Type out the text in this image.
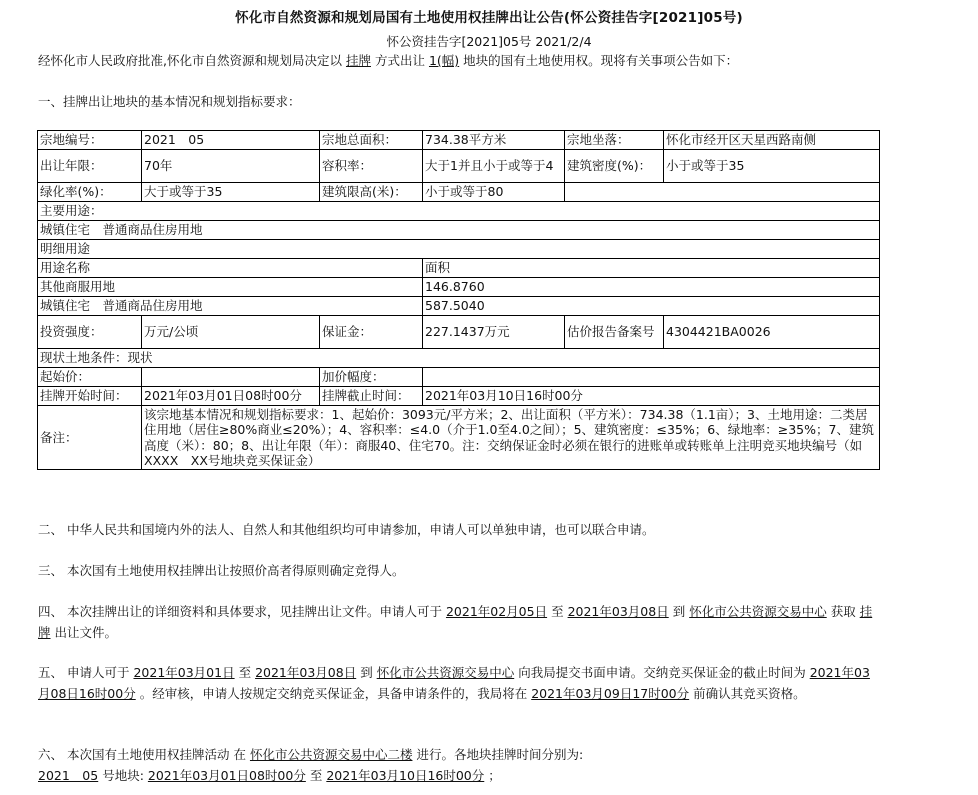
怀化市自然资源和规划局国有土地使用权挂牌出让公告(怀公资挂告字[2021]05号)
怀公资挂告字[2021]05号 2021/2/4
经怀化市人民政府批准,怀化市自然资源和规划局决定以 挂牌 方式出让 1(幅) 地块的国有土地使用权。现将有关事项公告如下：
一、挂牌出让地块的基本情况和规划指标要求：
宗地编号：	2021　05	宗地总面积：	734.38平方米	宗地坐落：	怀化市经开区天星西路南侧
出让年限：	70年	容积率：	大于1并且小于或等于4	建筑密度(%)：	小于或等于35
绿化率(%)：	大于或等于35	建筑限高(米)：	小于或等于80		
主要用途：					
城镇住宅　普通商品住房用地					
明细用途					
用途名称			面积		
其他商服用地			146.8760		
城镇住宅　普通商品住房用地			587.5040		
投资强度：	万元/公顷	保证金：	227.1437万元	估价报告备案号	4304421BA0026
现状土地条件：现状					
起始价：		加价幅度：			
挂牌开始时间：	2021年03月01日08时00分	挂牌截止时间：	2021年03月10日16时00分		
备注：	该宗地基本情况和规划指标要求：1、起始价：3093元/平方米；2、出让面积（平方米）：734.38（1.1亩）；3、土地用途：二类居住用地（居住≥80%商业≤20%）；4、容积率：≤4.0（介于1.0至4.0之间）；5、建筑密度：≤35%；6、绿地率：≥35%；7、建筑高度（米）：80；8、出让年限（年）：商服40、住宅70。注：交纳保证金时必须在银行的进账单或转账单上注明竞买地块编号（如XXXX　XX号地块竞买保证金）				
二、 中华人民共和国境内外的法人、自然人和其他组织均可申请参加，申请人可以单独申请，也可以联合申请。
三、 本次国有土地使用权挂牌出让按照价高者得原则确定竞得人。
四、 本次挂牌出让的详细资料和具体要求，见挂牌出让文件。申请人可于 2021年02月05日 至 2021年03月08日 到 怀化市公共资源交易中心 获取 挂牌 出让文件。
五、 申请人可于 2021年03月01日 至 2021年03月08日 到 怀化市公共资源交易中心 向我局提交书面申请。交纳竞买保证金的截止时间为 2021年03月08日16时00分 。经审核，申请人按规定交纳竞买保证金，具备申请条件的，我局将在 2021年03月09日17时00分 前确认其竞买资格。
六、 本次国有土地使用权挂牌活动 在 怀化市公共资源交易中心二楼 进行。各地块挂牌时间分别为:
2021　05 号地块: 2021年03月01日08时00分 至 2021年03月10日16时00分 ；
